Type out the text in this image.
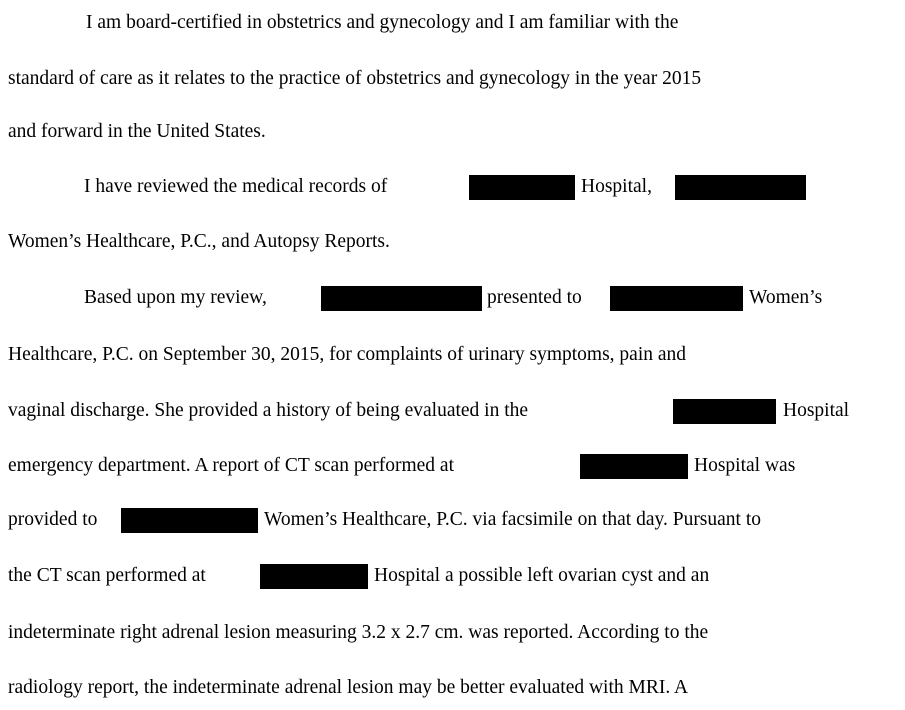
I am board-certified in obstetrics and gynecology and I am familiar with the
standard of care as it relates to the practice of obstetrics and gynecology in the year 2015
and forward in the United States.
I have reviewed the medical records of	Hospital,
Women’s Healthcare, P.C., and Autopsy Reports.
Based upon my review,	presented to	Women’s
Healthcare, P.C. on September 30, 2015, for complaints of urinary symptoms, pain and
vaginal discharge. She provided a history of being evaluated in the	Hospital
emergency department. A report of CT scan performed at	Hospital was
provided to	Women’s Healthcare, P.C. via facsimile on that day. Pursuant to
the CT scan performed at	Hospital a possible left ovarian cyst and an
indeterminate right adrenal lesion measuring 3.2 x 2.7 cm. was reported. According to the
radiology report, the indeterminate adrenal lesion may be better evaluated with MRI. A
